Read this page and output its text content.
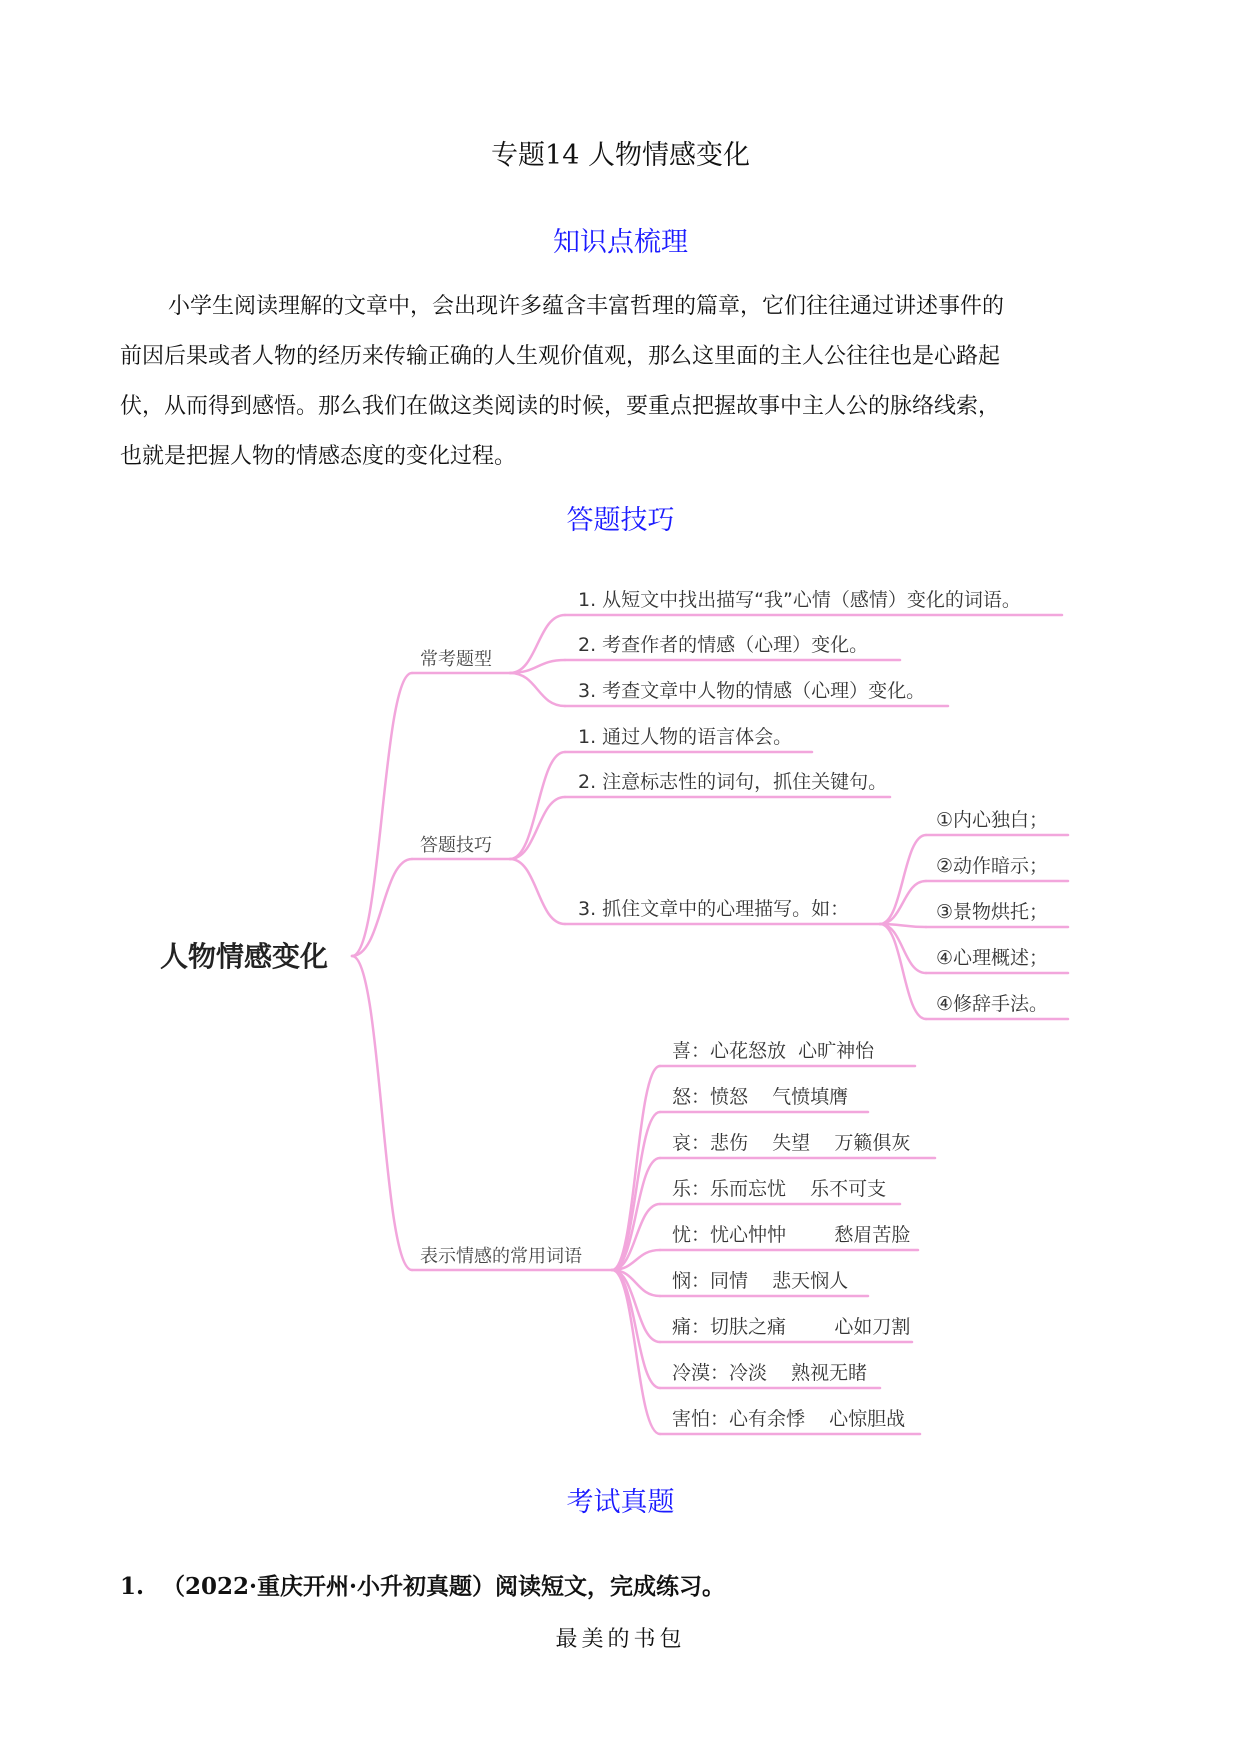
专题14 人物情感变化
知识点梳理
小学生阅读理解的文章中，会出现许多蕴含丰富哲理的篇章，它们往往通过讲述事件的
前因后果或者人物的经历来传输正确的人生观价值观，那么这里面的主人公往往也是心路起
伏，从而得到感悟。那么我们在做这类阅读的时候，要重点把握故事中主人公的脉络线索，
也就是把握人物的情感态度的变化过程。
答题技巧
人物情感变化
常考题型
答题技巧
表示情感的常用词语
1. 从短文中找出描写“我”心情（感情）变化的词语。
2. 考查作者的情感（心理）变化。
3. 考查文章中人物的情感（心理）变化。
1. 通过人物的语言体会。
2. 注意标志性的词句，抓住关键句。
3. 抓住文章中的心理描写。如：
①内心独白；
②动作暗示；
③景物烘托；
④心理概述；
④修辞手法。
喜：心花怒放  心旷神怡
怒：愤怒    气愤填膺
哀：悲伤    失望    万籁俱灰
乐：乐而忘忧    乐不可支
忧：忧心忡忡        愁眉苦脸
悯：同情    悲天悯人
痛：切肤之痛        心如刀割
冷漠：冷淡    熟视无睹
害怕：心有余悸    心惊胆战
考试真题
1. （2022·重庆开州·小升初真题）阅读短文，完成练习。
最美的书包
